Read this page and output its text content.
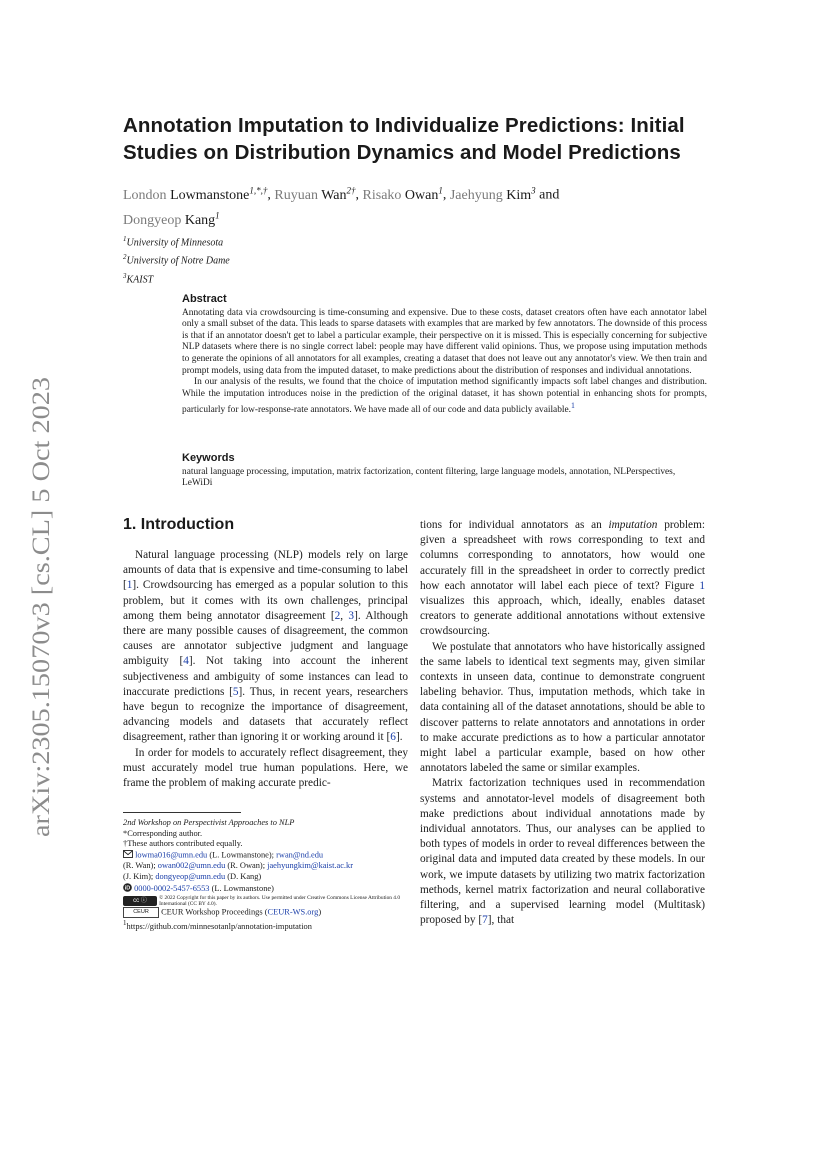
arXiv:2305.15070v3 [cs.CL] 5 Oct 2023
Annotation Imputation to Individualize Predictions: Initial Studies on Distribution Dynamics and Model Predictions
London Lowmanstone$^{1,*,\dagger}$, Ruyuan Wan$^{2\dagger}$, Risako Owan$^1$, Jaehyung Kim$^3$ and
Dongyeop Kang$^1$
$^1$University of Minnesota
$^2$University of Notre Dame
$^3$KAIST
Abstract

Annotating data via crowdsourcing is time-consuming and expensive. Due to these costs, dataset creators often have each annotator label only a small subset of the data. This leads to sparse datasets with examples that are marked by few annotators. The downside of this process is that if an annotator doesn't get to label a particular example, their perspective on it is missed. This is especially concerning for subjective NLP datasets where there is no single correct label: people may have different valid opinions. Thus, we propose using imputation methods to generate the opinions of all annotators for all examples, creating a dataset that does not leave out any annotator's view. We then train and prompt models, using data from the imputed dataset, to make predictions about the distribution of responses and individual annotations.

In our analysis of the results, we found that the choice of imputation method significantly impacts soft label changes and distribution. While the imputation introduces noise in the prediction of the original dataset, it has shown potential in enhancing shots for prompts, particularly for low-response-rate annotators. We have made all of our code and data publicly available.$^1$

Keywords
natural language processing, imputation, matrix factorization, content filtering, large language models, annotation, NLPerspectives, LeWiDi
1. Introduction

Natural language processing (NLP) models rely on large amounts of data that is expensive and time-consuming to label [1]. Crowdsourcing has emerged as a popular solution to this problem, but it comes with its own challenges, principal among them being annotator disagreement [2, 3]. Although there are many possible causes of disagreement, the common causes are annotator subjective judgment and language ambiguity [4]. Not taking into account the inherent subjectiveness and ambiguity of some instances can lead to inaccurate predictions [5]. Thus, in recent years, researchers have begun to recognize the importance of disagreement, advancing models and datasets that accurately reflect disagreement, rather than ignoring it or working around it [6].

In order for models to accurately reflect disagreement, they must accurately model true human populations. Here, we frame the problem of making accurate predic-

tions for individual annotators as an imputation problem: given a spreadsheet with rows corresponding to text and columns corresponding to annotators, how would one accurately fill in the spreadsheet in order to correctly predict how each annotator will label each piece of text? Figure 1 visualizes this approach, which, ideally, enables dataset creators to generate additional annotations without extensive crowdsourcing.

We postulate that annotators who have historically assigned the same labels to identical text segments may, given similar contexts in unseen data, continue to demonstrate congruent labeling behavior. Thus, imputation methods, which take in data containing all of the dataset annotations, should be able to discover patterns to relate annotators and annotations in order to make accurate predictions as to how a particular annotator might label a particular example, based on how other annotators labeled the same or similar examples.

Matrix factorization techniques used in recommendation systems and annotator-level models of disagreement both make predictions about individual annotations made by individual annotators. Thus, our analyses can be applied to both types of models in order to reveal differences between the original data and imputed data created by these models. In our work, we impute datasets by utilizing two matrix factorization methods, kernel matrix factorization and neural collaborative filtering, and a supervised learning model (Multitask) proposed by [7], that

2nd Workshop on Perspectivist Approaches to NLP
*Corresponding author.
†These authors contributed equally.
lowma016@umn.edu (L. Lowmanstone); rwan@nd.edu
(R. Wan); owan002@umn.edu (R. Owan); jaehyungkim@kaist.ac.kr
(J. Kim); dongyeop@umn.edu (D. Kang)
iD 0000-0002-5457-6553 (L. Lowmanstone)
cc ⓘ © 2022 Copyright for this paper by its authors. Use permitted under Creative Commons License Attribution 4.0 International (CC BY 4.0).
CEUR CEUR Workshop Proceedings (CEUR-WS.org)
$^1$https://github.com/minnesotanlp/annotation-imputation
